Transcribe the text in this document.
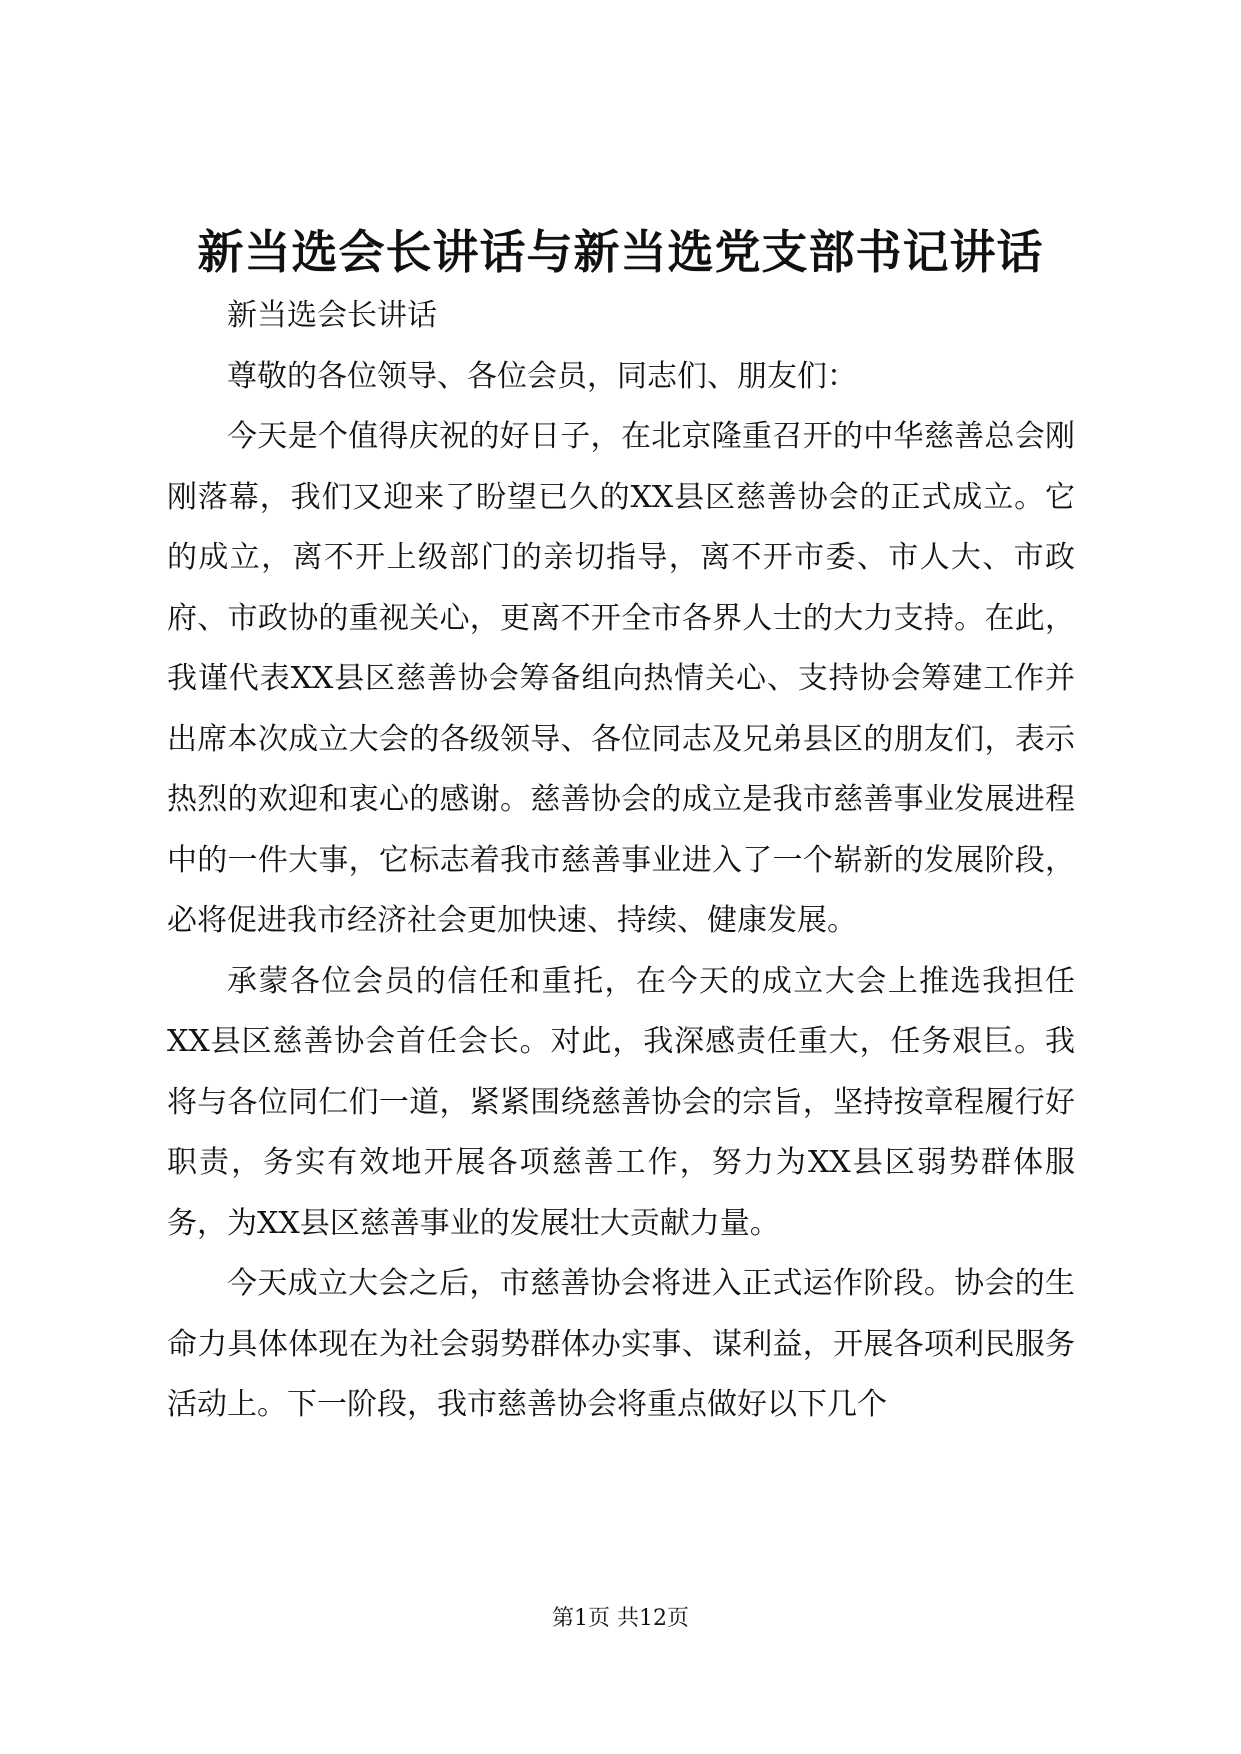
新当选会长讲话与新当选党支部书记讲话

新当选会长讲话

尊敬的各位领导、各位会员，同志们、朋友们：

今天是个值得庆祝的好日子，在北京隆重召开的中华慈善总会刚刚落幕，我们又迎来了盼望已久的XX县区慈善协会的正式成立。它的成立，离不开上级部门的亲切指导，离不开市委、市人大、市政府、市政协的重视关心，更离不开全市各界人士的大力支持。在此，我谨代表XX县区慈善协会筹备组向热情关心、支持协会筹建工作并出席本次成立大会的各级领导、各位同志及兄弟县区的朋友们，表示热烈的欢迎和衷心的感谢。慈善协会的成立是我市慈善事业发展进程中的一件大事，它标志着我市慈善事业进入了一个崭新的发展阶段，必将促进我市经济社会更加快速、持续、健康发展。

承蒙各位会员的信任和重托，在今天的成立大会上推选我担任XX县区慈善协会首任会长。对此，我深感责任重大，任务艰巨。我将与各位同仁们一道，紧紧围绕慈善协会的宗旨，坚持按章程履行好职责，务实有效地开展各项慈善工作，努力为XX县区弱势群体服务，为XX县区慈善事业的发展壮大贡献力量。

今天成立大会之后，市慈善协会将进入正式运作阶段。协会的生命力具体体现在为社会弱势群体办实事、谋利益，开展各项利民服务活动上。下一阶段，我市慈善协会将重点做好以下几个

第1页 共12页
